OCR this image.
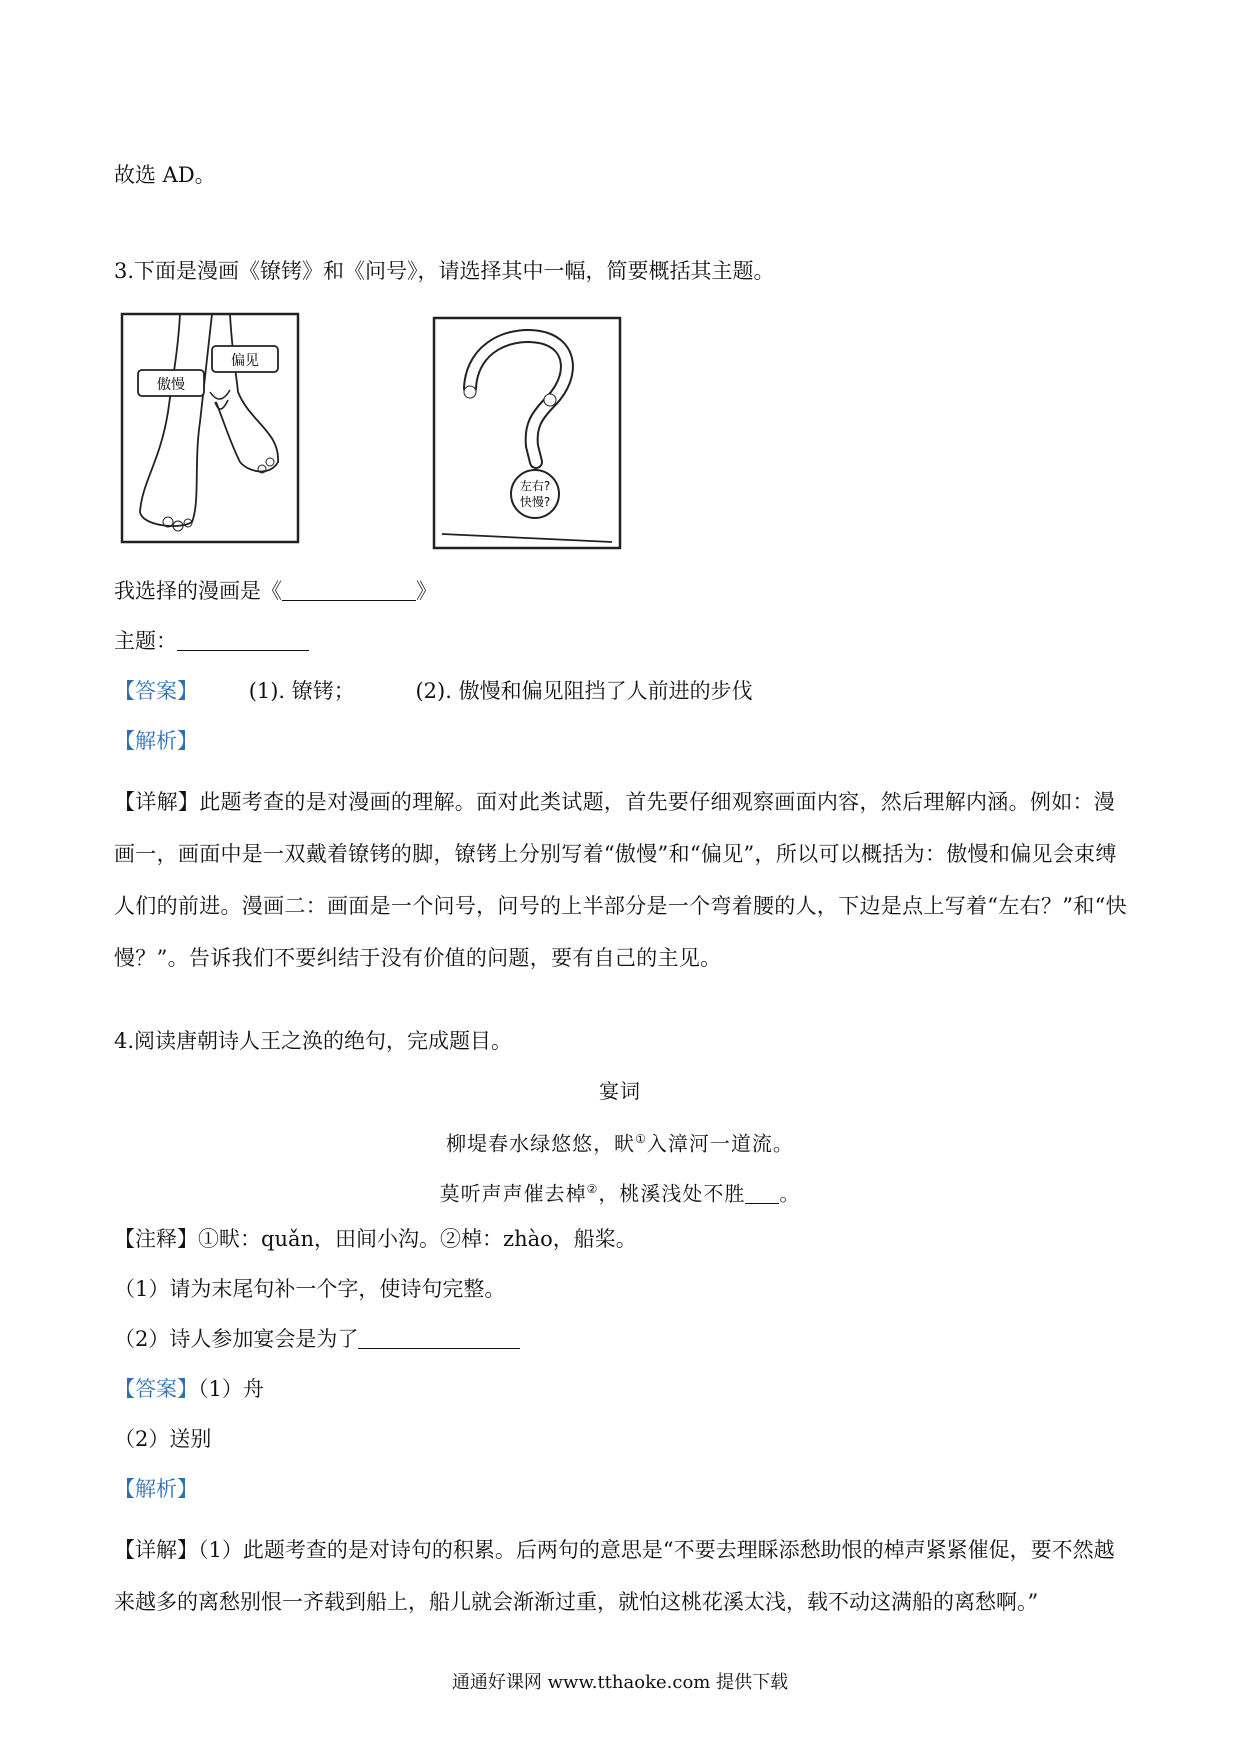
故选 AD。
3.下面是漫画《镣铐》和《问号》，请选择其中一幅，简要概括其主题。
傲慢
偏见
左右?
快慢?
我选择的漫画是《	》
主题：
【答案】 (1). 镣铐；	(2). 傲慢和偏见阻挡了人前进的步伐
【解析】
【详解】此题考查的是对漫画的理解。面对此类试题，首先要仔细观察画面内容，然后理解内涵。例如：漫画一，画面中是一双戴着镣铐的脚，镣铐上分别写着“傲慢”和“偏见”，所以可以概括为：傲慢和偏见会束缚人们的前进。漫画二：画面是一个问号，问号的上半部分是一个弯着腰的人，下边是点上写着“左右？”和“快慢？”。告诉我们不要纠结于没有价值的问题，要有自己的主见。
4.阅读唐朝诗人王之涣的绝句，完成题目。
宴词
柳堤春水绿悠悠，畎①入漳河一道流。
莫听声声催去棹②，桃溪浅处不胜 。
【注释】①畎：quǎn，田间小沟。②棹：zhào，船桨。
（1）请为末尾句补一个字，使诗句完整。
（2）诗人参加宴会是为了
【答案】（1）舟
（2）送别
【解析】
【详解】（1）此题考查的是对诗句的积累。后两句的意思是“不要去理睬添愁助恨的棹声紧紧催促，要不然越来越多的离愁别恨一齐载到船上，船儿就会渐渐过重，就怕这桃花溪太浅，载不动这满船的离愁啊。”
通通好课网 www.tthaoke.com 提供下载
